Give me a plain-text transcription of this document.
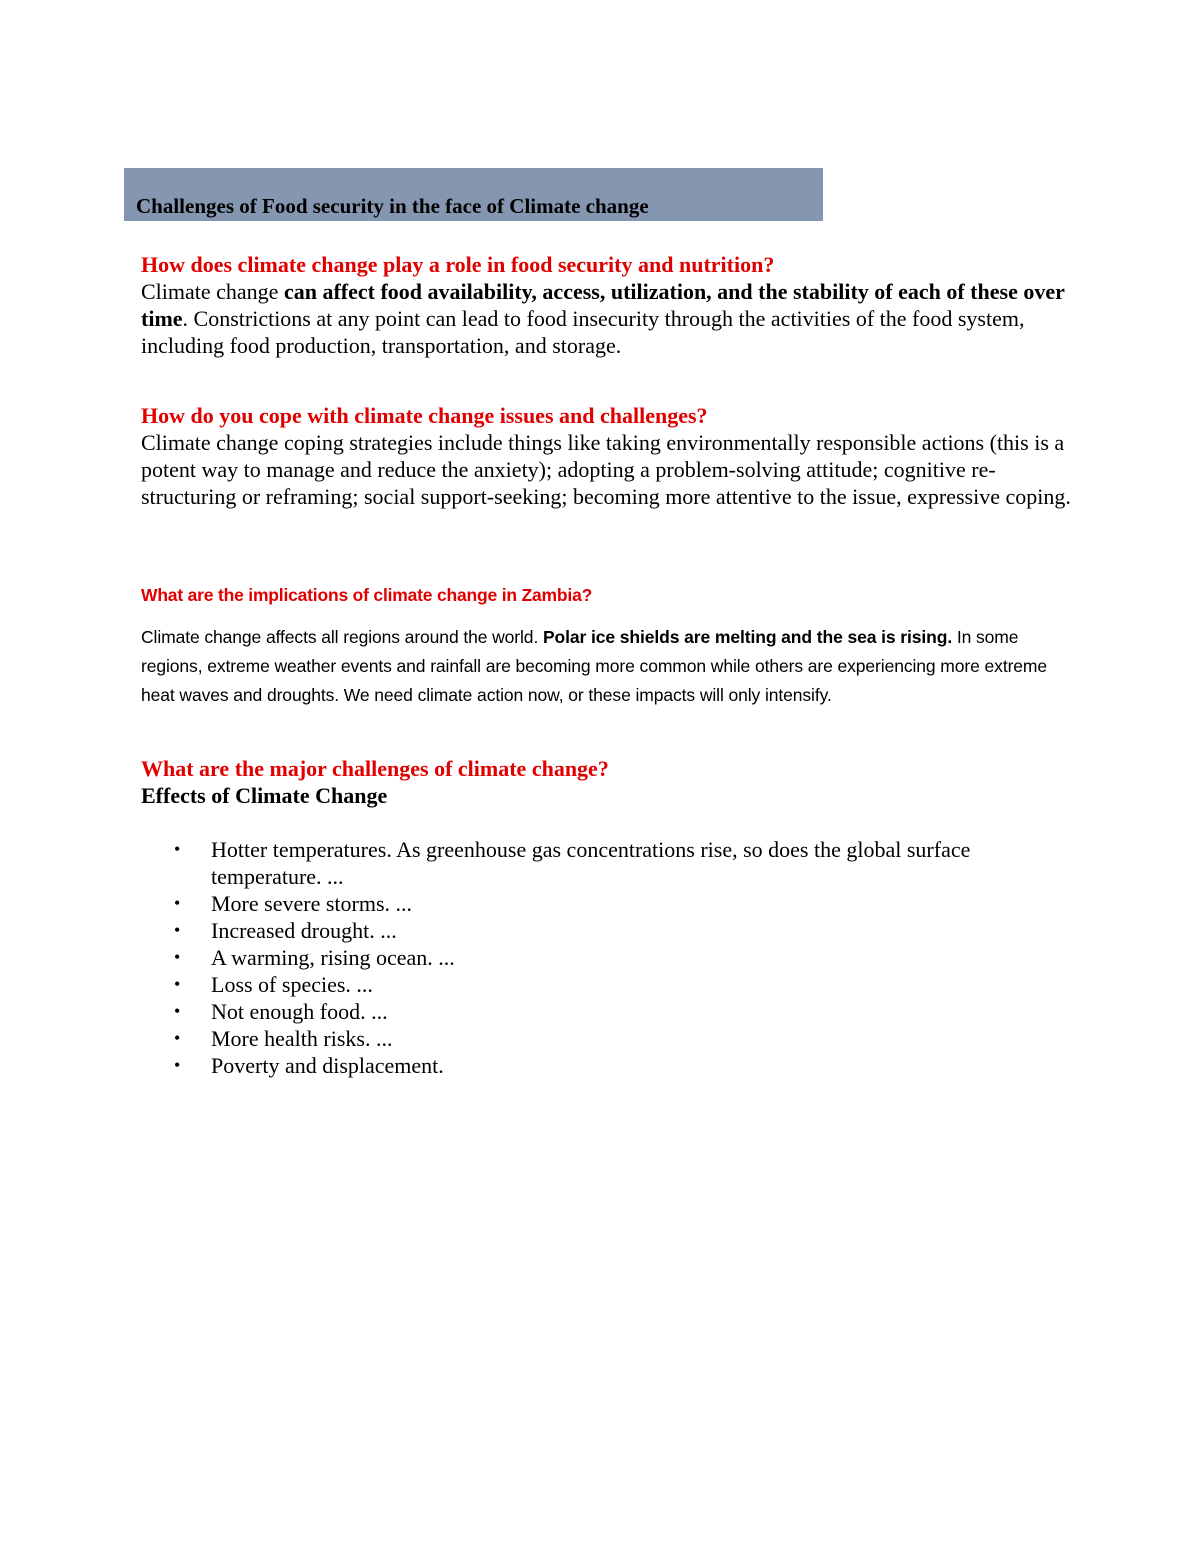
Challenges of Food security in the face of Climate change

How does climate change play a role in food security and nutrition?

Climate change can affect food availability, access, utilization, and the stability of each of these over time. Constrictions at any point can lead to food insecurity through the activities of the food system, including food production, transportation, and storage.

How do you cope with climate change issues and challenges?

Climate change coping strategies include things like taking environmentally responsible actions (this is a potent way to manage and reduce the anxiety); adopting a problem-solving attitude; cognitive re-structuring or reframing; social support-seeking; becoming more attentive to the issue, expressive coping.

What are the implications of climate change in Zambia?

Climate change affects all regions around the world. Polar ice shields are melting and the sea is rising. In some regions, extreme weather events and rainfall are becoming more common while others are experiencing more extreme heat waves and droughts. We need climate action now, or these impacts will only intensify.

What are the major challenges of climate change?

Effects of Climate Change

• Hotter temperatures. As greenhouse gas concentrations rise, so does the global surface temperature. ...
• More severe storms. ...
• Increased drought. ...
• A warming, rising ocean. ...
• Loss of species. ...
• Not enough food. ...
• More health risks. ...
• Poverty and displacement.
